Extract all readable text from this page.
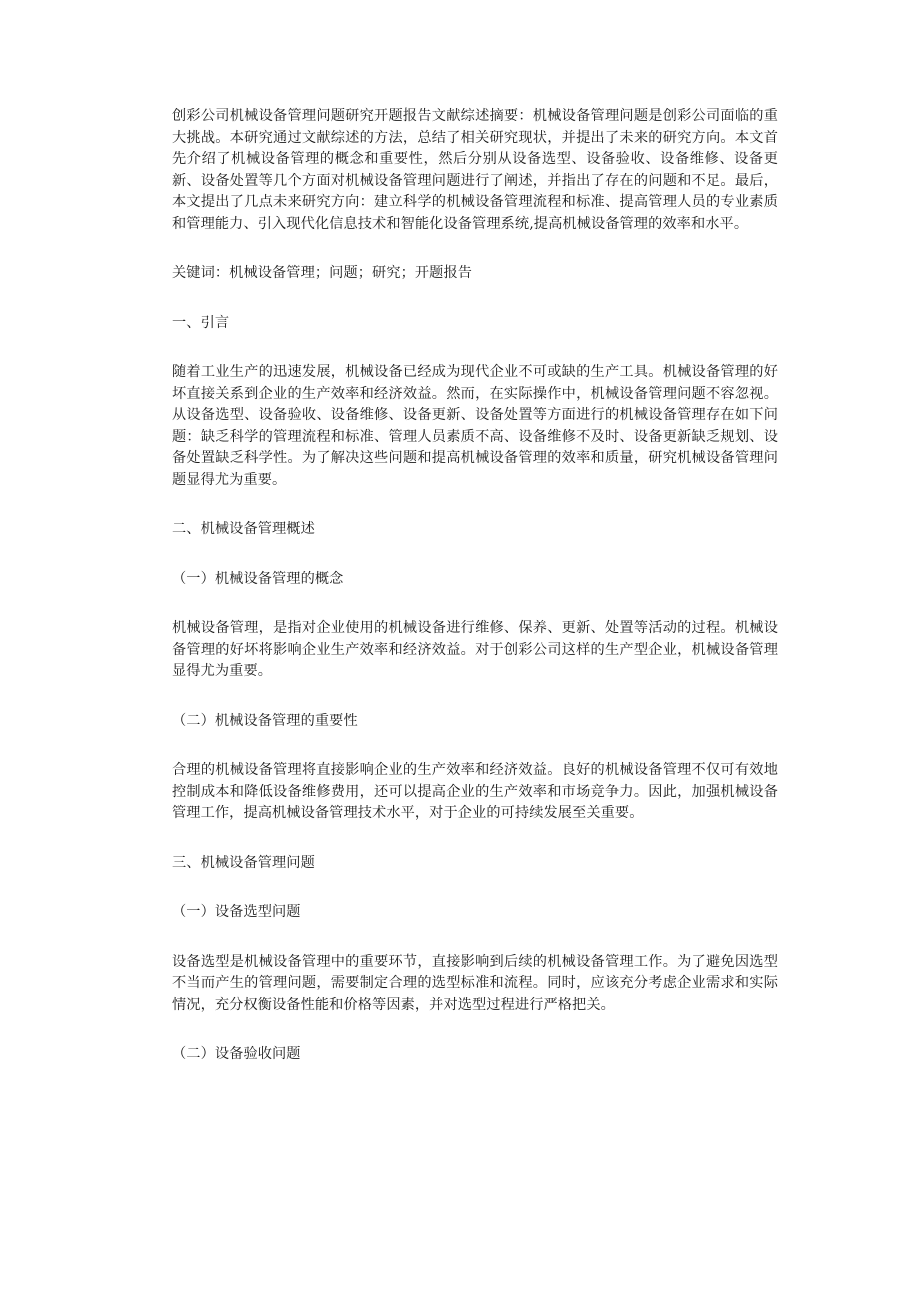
创彩公司机械设备管理问题研究开题报告文献综述摘要：机械设备管理问题是创彩公司面临的重大挑战。本研究通过文献综述的方法，总结了相关研究现状，并提出了未来的研究方向。本文首先介绍了机械设备管理的概念和重要性，然后分别从设备选型、设备验收、设备维修、设备更新、设备处置等几个方面对机械设备管理问题进行了阐述，并指出了存在的问题和不足。最后，本文提出了几点未来研究方向：建立科学的机械设备管理流程和标准、提高管理人员的专业素质和管理能力、引入现代化信息技术和智能化设备管理系统,提高机械设备管理的效率和水平。

关键词：机械设备管理；问题；研究；开题报告

一、引言

随着工业生产的迅速发展，机械设备已经成为现代企业不可或缺的生产工具。机械设备管理的好坏直接关系到企业的生产效率和经济效益。然而，在实际操作中，机械设备管理问题不容忽视。从设备选型、设备验收、设备维修、设备更新、设备处置等方面进行的机械设备管理存在如下问题：缺乏科学的管理流程和标准、管理人员素质不高、设备维修不及时、设备更新缺乏规划、设备处置缺乏科学性。为了解决这些问题和提高机械设备管理的效率和质量，研究机械设备管理问题显得尤为重要。

二、机械设备管理概述

（一）机械设备管理的概念

机械设备管理，是指对企业使用的机械设备进行维修、保养、更新、处置等活动的过程。机械设备管理的好坏将影响企业生产效率和经济效益。对于创彩公司这样的生产型企业，机械设备管理显得尤为重要。

（二）机械设备管理的重要性

合理的机械设备管理将直接影响企业的生产效率和经济效益。良好的机械设备管理不仅可有效地控制成本和降低设备维修费用，还可以提高企业的生产效率和市场竞争力。因此，加强机械设备管理工作，提高机械设备管理技术水平，对于企业的可持续发展至关重要。

三、机械设备管理问题

（一）设备选型问题

设备选型是机械设备管理中的重要环节，直接影响到后续的机械设备管理工作。为了避免因选型不当而产生的管理问题，需要制定合理的选型标准和流程。同时，应该充分考虑企业需求和实际情况，充分权衡设备性能和价格等因素，并对选型过程进行严格把关。

（二）设备验收问题
